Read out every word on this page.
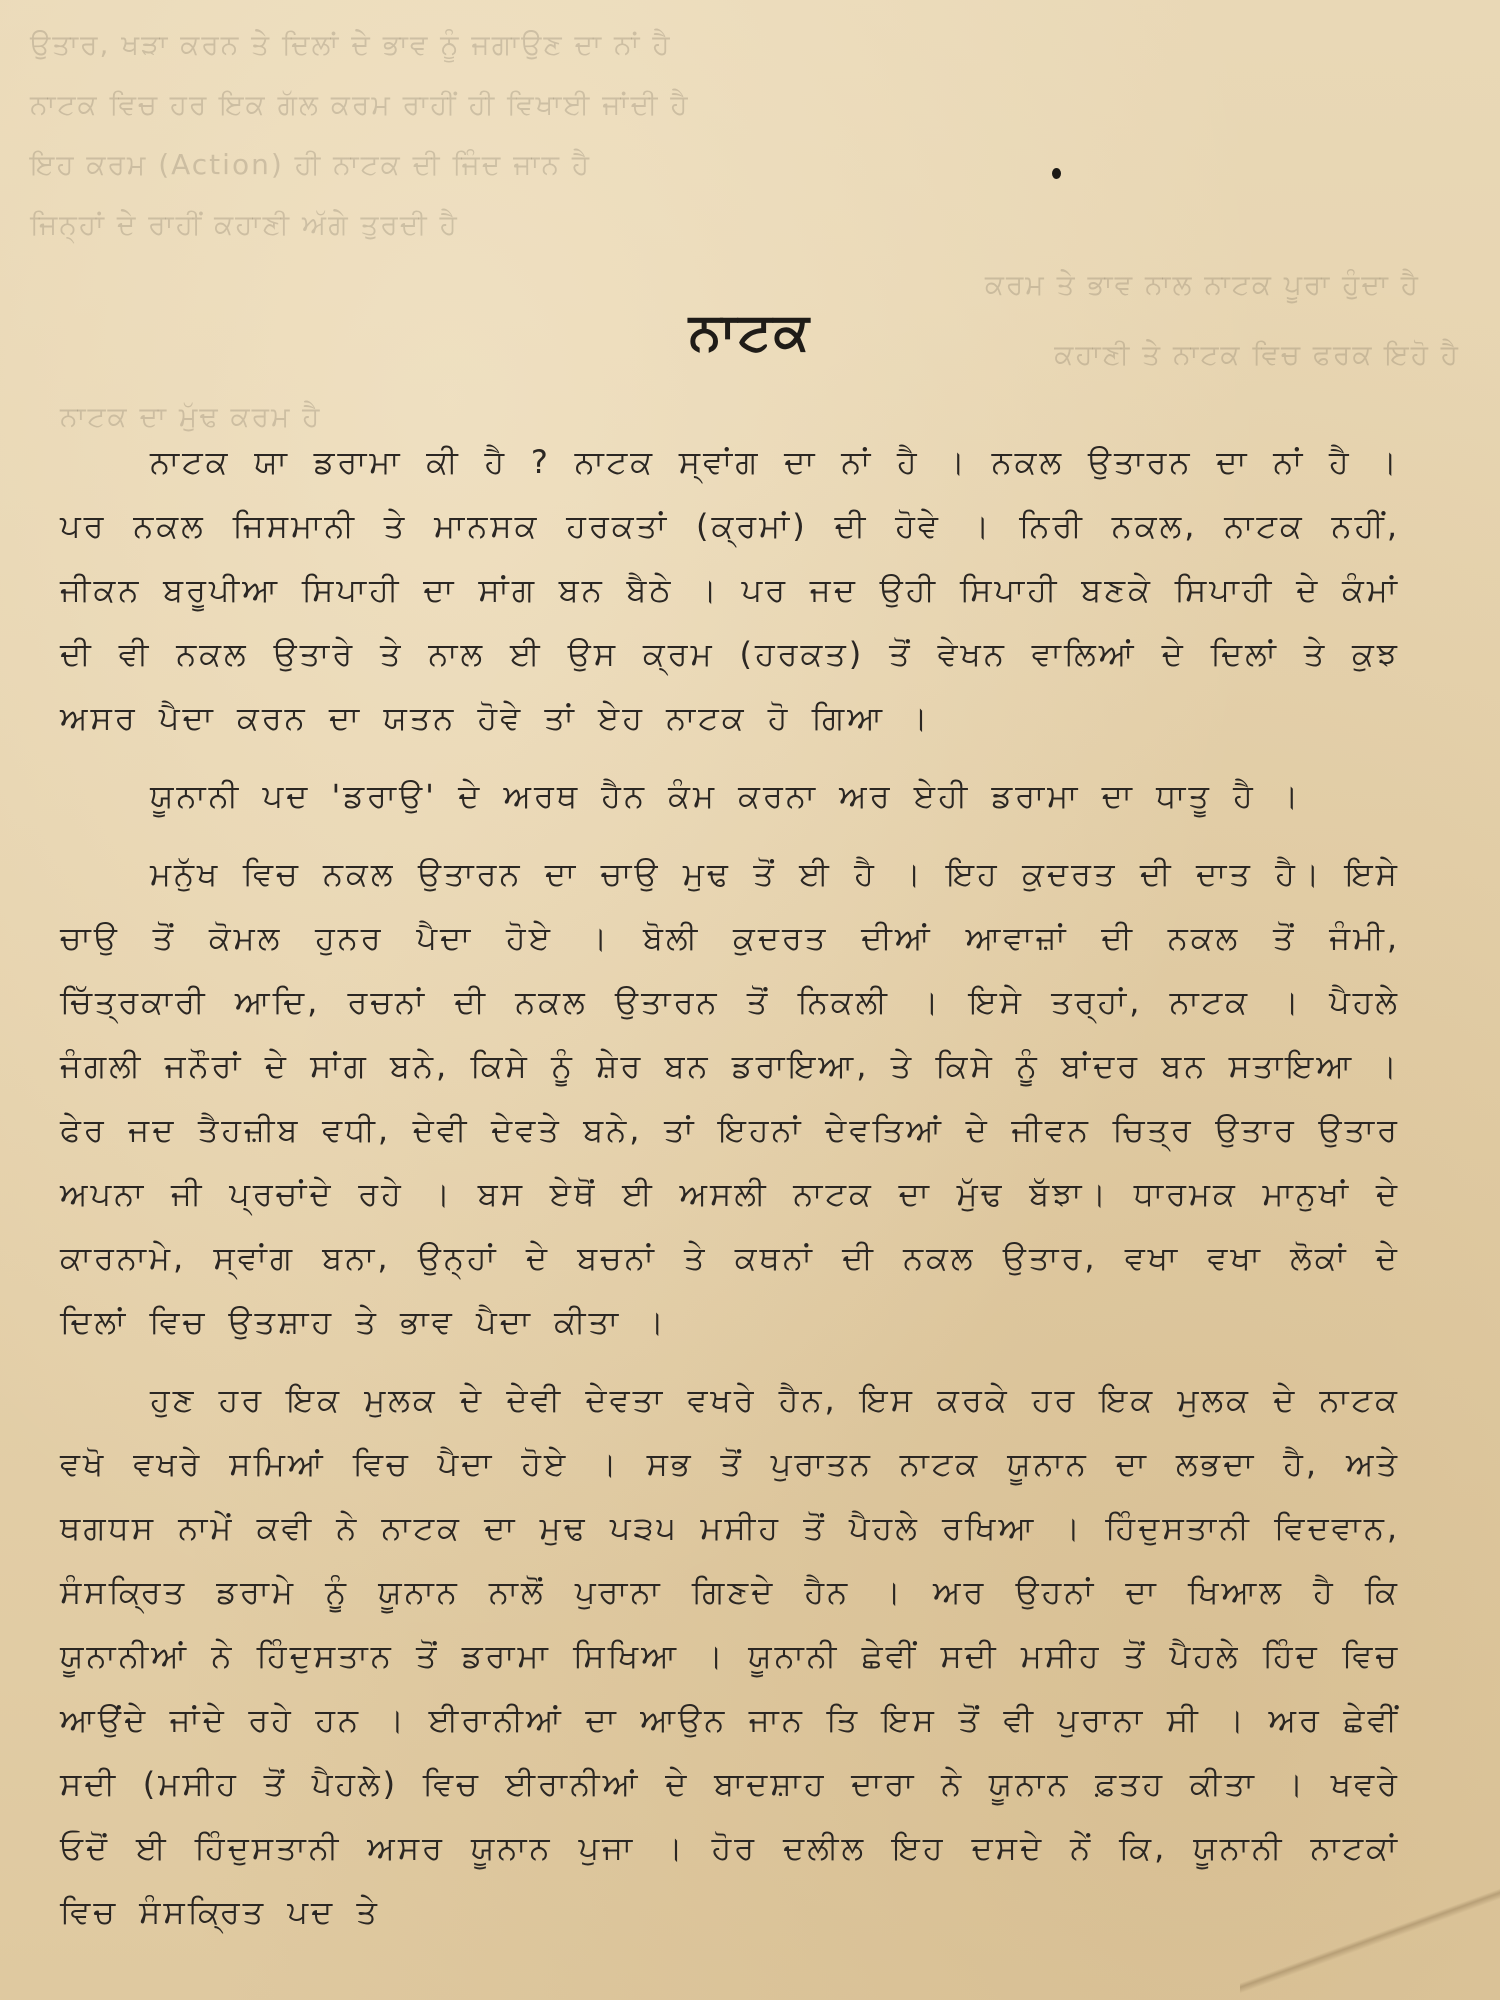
ਉਤਾਰ, ਖੜਾ ਕਰਨ ਤੇ ਦਿਲਾਂ ਦੇ ਭਾਵ ਨੂੰ ਜਗਾਉਣ ਦਾ ਨਾਂ ਹੈ
ਨਾਟਕ ਵਿਚ ਹਰ ਇਕ ਗੱਲ ਕਰਮ ਰਾਹੀਂ ਹੀ ਵਿਖਾਈ ਜਾਂਦੀ ਹੈ
ਇਹ ਕਰਮ (Action) ਹੀ ਨਾਟਕ ਦੀ ਜਿੰਦ ਜਾਨ ਹੈ
ਜਿਨ੍ਹਾਂ ਦੇ ਰਾਹੀਂ ਕਹਾਣੀ ਅੱਗੇ ਤੁਰਦੀ ਹੈ
ਕਰਮ ਤੇ ਭਾਵ ਨਾਲ ਨਾਟਕ ਪੂਰਾ ਹੁੰਦਾ ਹੈ
ਕਹਾਣੀ ਤੇ ਨਾਟਕ ਵਿਚ ਫਰਕ ਇਹੋ ਹੈ
ਨਾਟਕ ਦਾ ਮੁੱਢ ਕਰਮ ਹੈ
ਨਾਟਕ

ਨਾਟਕ ਯਾ ਡਰਾਮਾ ਕੀ ਹੈ ? ਨਾਟਕ ਸ੍ਵਾਂਗ ਦਾ ਨਾਂ ਹੈ । ਨਕਲ ਉਤਾਰਨ ਦਾ ਨਾਂ ਹੈ । ਪਰ ਨਕਲ ਜਿਸਮਾਨੀ ਤੇ ਮਾਨਸਕ ਹਰਕਤਾਂ (ਕ੍ਰਮਾਂ) ਦੀ ਹੋਵੇ । ਨਿਰੀ ਨਕਲ, ਨਾਟਕ ਨਹੀਂ, ਜੀਕਨ ਬਰੂਪੀਆ ਸਿਪਾਹੀ ਦਾ ਸਾਂਗ ਬਨ ਬੈਠੇ । ਪਰ ਜਦ ਉਹੀ ਸਿਪਾਹੀ ਬਣਕੇ ਸਿਪਾਹੀ ਦੇ ਕੰਮਾਂ ਦੀ ਵੀ ਨਕਲ ਉਤਾਰੇ ਤੇ ਨਾਲ ਈ ਉਸ ਕ੍ਰਮ (ਹਰਕਤ) ਤੋਂ ਵੇਖਨ ਵਾਲਿਆਂ ਦੇ ਦਿਲਾਂ ਤੇ ਕੁਝ ਅਸਰ ਪੈਦਾ ਕਰਨ ਦਾ ਯਤਨ ਹੋਵੇ ਤਾਂ ਏਹ ਨਾਟਕ ਹੋ ਗਿਆ ।

ਯੂਨਾਨੀ ਪਦ 'ਡਰਾਉ' ਦੇ ਅਰਥ ਹੈਨ ਕੰਮ ਕਰਨਾ ਅਰ ਏਹੀ ਡਰਾਮਾ ਦਾ ਧਾਤੂ ਹੈ ।

ਮਨੁੱਖ ਵਿਚ ਨਕਲ ਉਤਾਰਨ ਦਾ ਚਾਉ ਮੁਢ ਤੋਂ ਈ ਹੈ । ਇਹ ਕੁਦਰਤ ਦੀ ਦਾਤ ਹੈ। ਇਸੇ ਚਾਉ ਤੋਂ ਕੋਮਲ ਹੁਨਰ ਪੈਦਾ ਹੋਏ । ਬੋਲੀ ਕੁਦਰਤ ਦੀਆਂ ਆਵਾਜ਼ਾਂ ਦੀ ਨਕਲ ਤੋਂ ਜੰਮੀ, ਚਿੱਤ੍ਰਕਾਰੀ ਆਦਿ, ਰਚਨਾਂ ਦੀ ਨਕਲ ਉਤਾਰਨ ਤੋਂ ਨਿਕਲੀ । ਇਸੇ ਤਰ੍ਹਾਂ, ਨਾਟਕ । ਪੈਹਲੇ ਜੰਗਲੀ ਜਨੌਰਾਂ ਦੇ ਸਾਂਗ ਬਨੇ, ਕਿਸੇ ਨੂੰ ਸ਼ੇਰ ਬਨ ਡਰਾਇਆ, ਤੇ ਕਿਸੇ ਨੂੰ ਬਾਂਦਰ ਬਨ ਸਤਾਇਆ । ਫੇਰ ਜਦ ਤੈਹਜ਼ੀਬ ਵਧੀ, ਦੇਵੀ ਦੇਵਤੇ ਬਨੇ, ਤਾਂ ਇਹਨਾਂ ਦੇਵਤਿਆਂ ਦੇ ਜੀਵਨ ਚਿਤ੍ਰ ਉਤਾਰ ਉਤਾਰ ਅਪਨਾ ਜੀ ਪ੍ਰਚਾਂਦੇ ਰਹੇ । ਬਸ ਏਥੋਂ ਈ ਅਸਲੀ ਨਾਟਕ ਦਾ ਮੁੱਢ ਬੱਝਾ। ਧਾਰਮਕ ਮਾਨੁਖਾਂ ਦੇ ਕਾਰਨਾਮੇ, ਸ੍ਵਾਂਗ ਬਨਾ, ਉਨ੍ਹਾਂ ਦੇ ਬਚਨਾਂ ਤੇ ਕਥਨਾਂ ਦੀ ਨਕਲ ਉਤਾਰ, ਵਖਾ ਵਖਾ ਲੋਕਾਂ ਦੇ ਦਿਲਾਂ ਵਿਚ ਉਤਸ਼ਾਹ ਤੇ ਭਾਵ ਪੈਦਾ ਕੀਤਾ ।

ਹੁਣ ਹਰ ਇਕ ਮੁਲਕ ਦੇ ਦੇਵੀ ਦੇਵਤਾ ਵਖਰੇ ਹੈਨ, ਇਸ ਕਰਕੇ ਹਰ ਇਕ ਮੁਲਕ ਦੇ ਨਾਟਕ ਵਖੋ ਵਖਰੇ ਸਮਿਆਂ ਵਿਚ ਪੈਦਾ ਹੋਏ । ਸਭ ਤੋਂ ਪੁਰਾਤਨ ਨਾਟਕ ਯੂਨਾਨ ਦਾ ਲਭਦਾ ਹੈ, ਅਤੇ ਥਗਧਸ ਨਾਮੇਂ ਕਵੀ ਨੇ ਨਾਟਕ ਦਾ ਮੁਢ ਪ੩੫ ਮਸੀਹ ਤੋਂ ਪੈਹਲੇ ਰਖਿਆ । ਹਿੰਦੁਸਤਾਨੀ ਵਿਦਵਾਨ, ਸੰਸਕ੍ਰਿਤ ਡਰਾਮੇ ਨੂੰ ਯੂਨਾਨ ਨਾਲੋਂ ਪੁਰਾਨਾ ਗਿਣਦੇ ਹੈਨ । ਅਰ ਉਹਨਾਂ ਦਾ ਖਿਆਲ ਹੈ ਕਿ ਯੂਨਾਨੀਆਂ ਨੇ ਹਿੰਦੁਸਤਾਨ ਤੋਂ ਡਰਾਮਾ ਸਿਖਿਆ । ਯੂਨਾਨੀ ਛੇਵੀਂ ਸਦੀ ਮਸੀਹ ਤੋਂ ਪੈਹਲੇ ਹਿੰਦ ਵਿਚ ਆਉਂਦੇ ਜਾਂਦੇ ਰਹੇ ਹਨ । ਈਰਾਨੀਆਂ ਦਾ ਆਉਨ ਜਾਨ ਤਿ ਇਸ ਤੋਂ ਵੀ ਪੁਰਾਨਾ ਸੀ । ਅਰ ਛੇਵੀਂ ਸਦੀ (ਮਸੀਹ ਤੋਂ ਪੈਹਲੇ) ਵਿਚ ਈਰਾਨੀਆਂ ਦੇ ਬਾਦਸ਼ਾਹ ਦਾਰਾ ਨੇ ਯੂਨਾਨ ਫ਼ਤਹ ਕੀਤਾ । ਖਵਰੇ ਓਦੋਂ ਈ ਹਿੰਦੁਸਤਾਨੀ ਅਸਰ ਯੂਨਾਨ ਪੁਜਾ । ਹੋਰ ਦਲੀਲ ਇਹ ਦਸਦੇ ਨੇਂ ਕਿ, ਯੂਨਾਨੀ ਨਾਟਕਾਂ ਵਿਚ ਸੰਸਕ੍ਰਿਤ ਪਦ ਤੇ
